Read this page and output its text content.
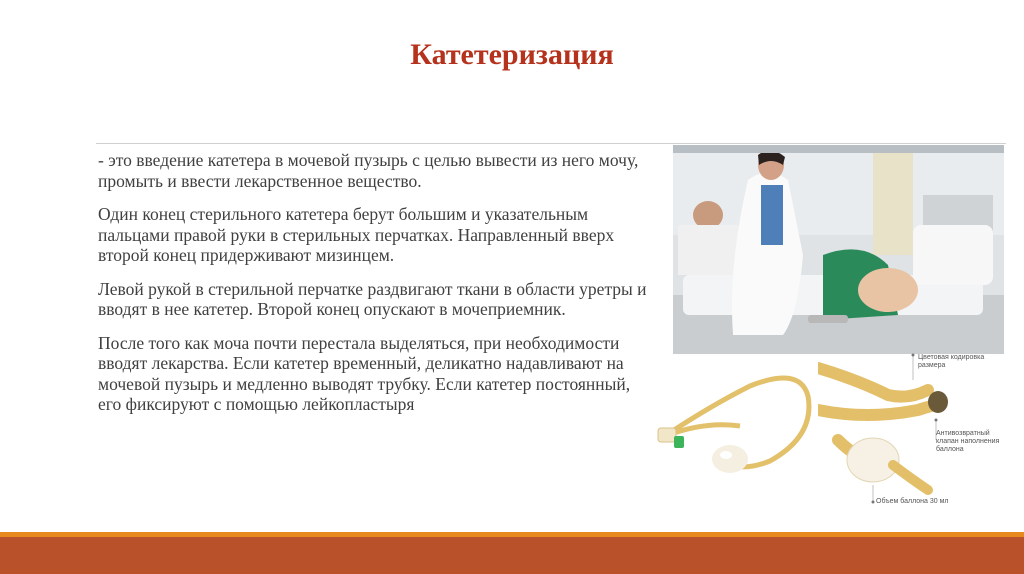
Катетеризация

- это введение катетера в мочевой пузырь с целью вывести из него мочу, промыть и ввести лекарственное вещество.

Один конец стерильного катетера берут большим и указательным пальцами правой руки в стерильных перчатках. Направленный вверх второй конец придерживают мизинцем.

Левой рукой в стерильной перчатке раздвигают ткани в области уретры и вводят в нее катетер. Второй конец опускают в мочеприемник.

После того как моча почти перестала выделяться, при необходимости вводят лекарства. Если катетер временный, деликатно надавливают на мочевой пузырь и медленно выводят трубку. Если катетер постоянный, его фиксируют с помощью лейкопластыря

Цветовая кодировка размера
Антивозвратный клапан наполнения баллона
Объем баллона 30 мл
